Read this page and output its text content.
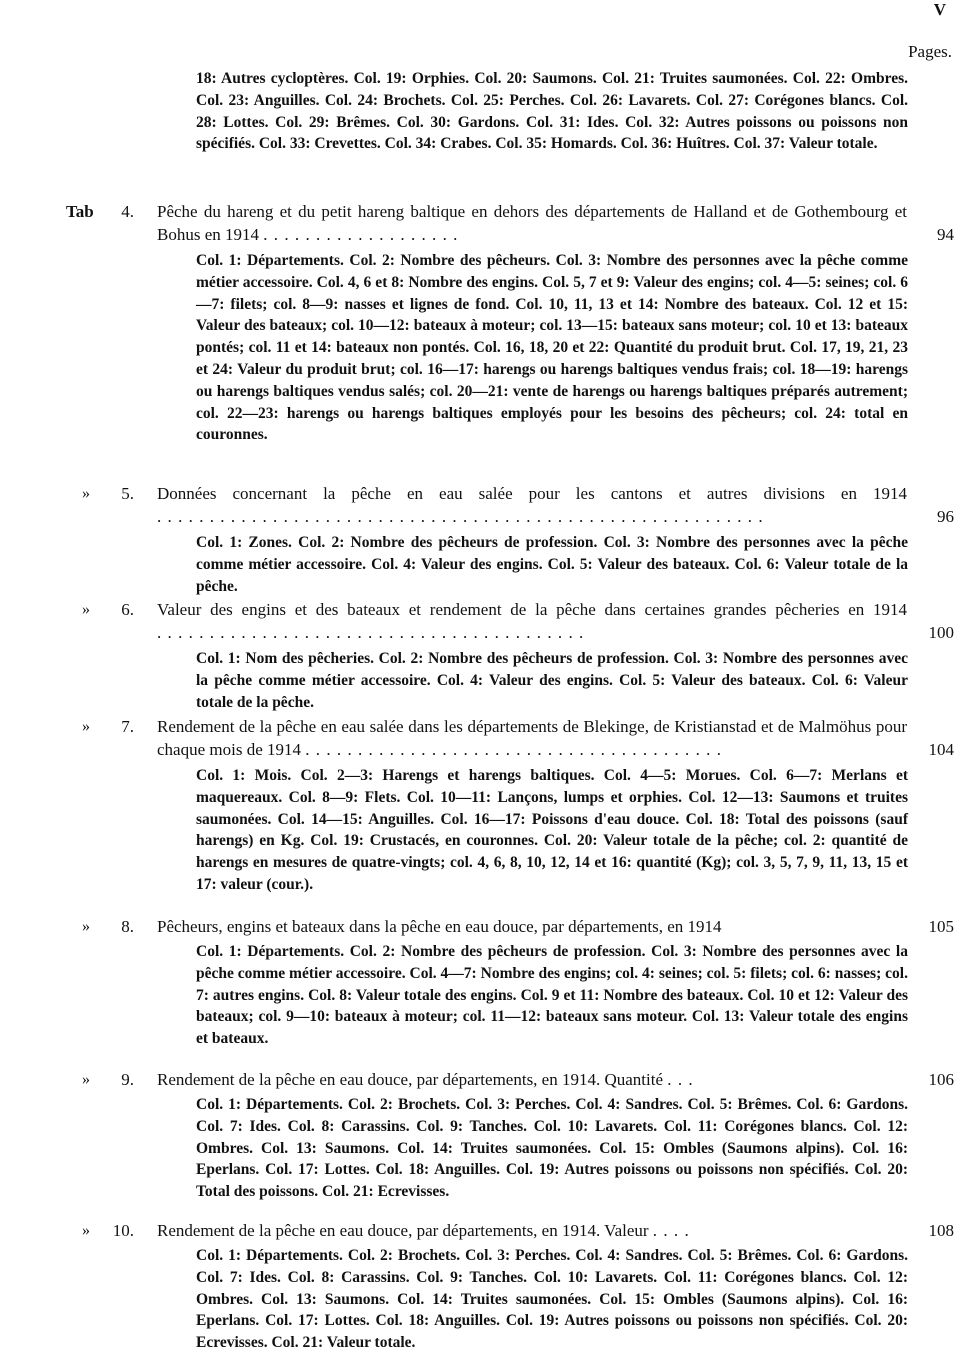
V
Pages.
18: Autres cycloptères. Col. 19: Orphies. Col. 20: Saumons. Col. 21: Truites saumonées. Col. 22: Ombres. Col. 23: Anguilles. Col. 24: Brochets. Col. 25: Perches. Col. 26: Lavarets. Col. 27: Corégones blancs. Col. 28: Lottes. Col. 29: Brêmes. Col. 30: Gardons. Col. 31: Ides. Col. 32: Autres poissons ou poissons non spécifiés. Col. 33: Crevettes. Col. 34: Crabes. Col. 35: Homards. Col. 36: Huîtres. Col. 37: Valeur totale.
Tab	4. Pêche du hareng et du petit hareng baltique en dehors des départements de Halland et de Gothembourg et Bohus en 1914 ...................	94
Col. 1: Départements. Col. 2: Nombre des pêcheurs. Col. 3: Nombre des personnes avec la pêche comme métier accessoire. Col. 4, 6 et 8: Nombre des engins. Col. 5, 7 et 9: Valeur des engins; col. 4—5: seines; col. 6—7: filets; col. 8—9: nasses et lignes de fond. Col. 10, 11, 13 et 14: Nombre des bateaux. Col. 12 et 15: Valeur des bateaux; col. 10—12: bateaux à moteur; col. 13—15: bateaux sans moteur; col. 10 et 13: bateaux pontés; col. 11 et 14: bateaux non pontés. Col. 16, 18, 20 et 22: Quantité du produit brut. Col. 17, 19, 21, 23 et 24: Valeur du produit brut; col. 16—17: harengs ou harengs baltiques vendus frais; col. 18—19: harengs ou harengs baltiques vendus salés; col. 20—21: vente de harengs ou harengs baltiques préparés autrement; col. 22—23: harengs ou harengs baltiques employés pour les besoins des pêcheurs; col. 24: total en couronnes.
»	5. Données concernant la pêche en eau salée pour les cantons et autres divisions en 1914 ..........................................................	96
Col. 1: Zones. Col. 2: Nombre des pêcheurs de profession. Col. 3: Nombre des personnes avec la pêche comme métier accessoire. Col. 4: Valeur des engins. Col. 5: Valeur des bateaux. Col. 6: Valeur totale de la pêche.
»	6. Valeur des engins et des bateaux et rendement de la pêche dans certaines grandes pêcheries en 1914 .........................................	100
Col. 1: Nom des pêcheries. Col. 2: Nombre des pêcheurs de profession. Col. 3: Nombre des personnes avec la pêche comme métier accessoire. Col. 4: Valeur des engins. Col. 5: Valeur des bateaux. Col. 6: Valeur totale de la pêche.
»	7. Rendement de la pêche en eau salée dans les départements de Blekinge, de Kristianstad et de Malmöhus pour chaque mois de 1914 ........................................	104
Col. 1: Mois. Col. 2—3: Harengs et harengs baltiques. Col. 4—5: Morues. Col. 6—7: Merlans et maquereaux. Col. 8—9: Flets. Col. 10—11: Lançons, lumps et orphies. Col. 12—13: Saumons et truites saumonées. Col. 14—15: Anguilles. Col. 16—17: Poissons d'eau douce. Col. 18: Total des poissons (sauf harengs) en Kg. Col. 19: Crustacés, en couronnes. Col. 20: Valeur totale de la pêche; col. 2: quantité de harengs en mesures de quatre-vingts; col. 4, 6, 8, 10, 12, 14 et 16: quantité (Kg); col. 3, 5, 7, 9, 11, 13, 15 et 17: valeur (cour.).
»	8. Pêcheurs, engins et bateaux dans la pêche en eau douce, par départements, en 1914	105
Col. 1: Départements. Col. 2: Nombre des pêcheurs de profession. Col. 3: Nombre des personnes avec la pêche comme métier accessoire. Col. 4—7: Nombre des engins; col. 4: seines; col. 5: filets; col. 6: nasses; col. 7: autres engins. Col. 8: Valeur totale des engins. Col. 9 et 11: Nombre des bateaux. Col. 10 et 12: Valeur des bateaux; col. 9—10: bateaux à moteur; col. 11—12: bateaux sans moteur. Col. 13: Valeur totale des engins et bateaux.
»	9. Rendement de la pêche en eau douce, par départements, en 1914. Quantité ...	106
Col. 1: Départements. Col. 2: Brochets. Col. 3: Perches. Col. 4: Sandres. Col. 5: Brêmes. Col. 6: Gardons. Col. 7: Ides. Col. 8: Carassins. Col. 9: Tanches. Col. 10: Lavarets. Col. 11: Corégones blancs. Col. 12: Ombres. Col. 13: Saumons. Col. 14: Truites saumonées. Col. 15: Ombles (Saumons alpins). Col. 16: Eperlans. Col. 17: Lottes. Col. 18: Anguilles. Col. 19: Autres poissons ou poissons non spécifiés. Col. 20: Total des poissons. Col. 21: Ecrevisses.
»	10. Rendement de la pêche en eau douce, par départements, en 1914. Valeur ....	108
Col. 1: Départements. Col. 2: Brochets. Col. 3: Perches. Col. 4: Sandres. Col. 5: Brêmes. Col. 6: Gardons. Col. 7: Ides. Col. 8: Carassins. Col. 9: Tanches. Col. 10: Lavarets. Col. 11: Corégones blancs. Col. 12: Ombres. Col. 13: Saumons. Col. 14: Truites saumonées. Col. 15: Ombles (Saumons alpins). Col. 16: Eperlans. Col. 17: Lottes. Col. 18: Anguilles. Col. 19: Autres poissons ou poissons non spécifiés. Col. 20: Ecrevisses. Col. 21: Valeur totale.
